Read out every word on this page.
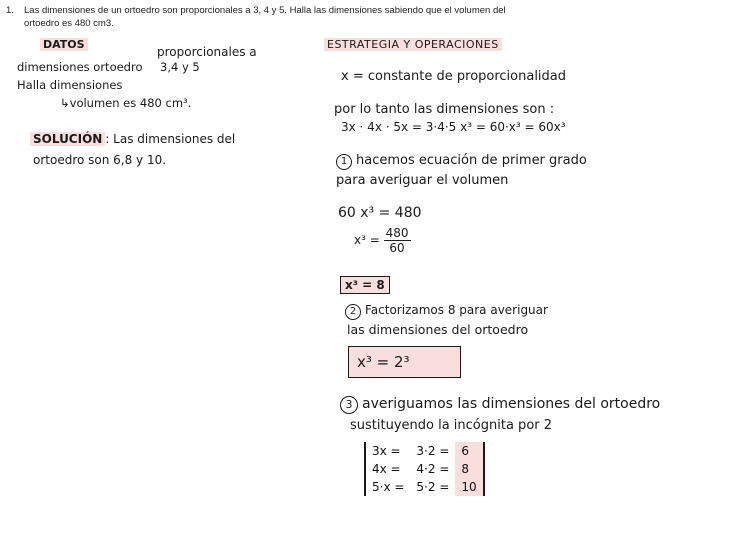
1. Las dimensiones de un ortoedro son proporcionales a 3, 4 y 5. Halla las dimensiones sabiendo que el volumen del
ortoedro es 480 cm3.
DATOS
proporcionales a
dimensiones ortoedro 3,4 y 5
Halla dimensiones
↳volumen es 480 cm³.
SOLUCIÓN : Las dimensiones del
ortoedro son 6,8 y 10.
ESTRATEGIA Y OPERACIONES
x = constante de proporcionalidad
por lo tanto las dimensiones son :
3x · 4x · 5x = 3·4·5 x³ = 60·x³ = 60x³
1 hacemos ecuación de primer grado
para averiguar el volumen
60 x³ = 480
$x^3 = \frac{480}{60}$
x³ = 8
2 Factorizamos 8 para averiguar
las dimensiones del ortoedro
x³ = 2³
3 averiguamos las dimensiones del ortoedro
sustituyendo la incógnita por 2
3x =	3·2 =	6
4x =	4·2 =	8
5·x =	5·2 =	10
